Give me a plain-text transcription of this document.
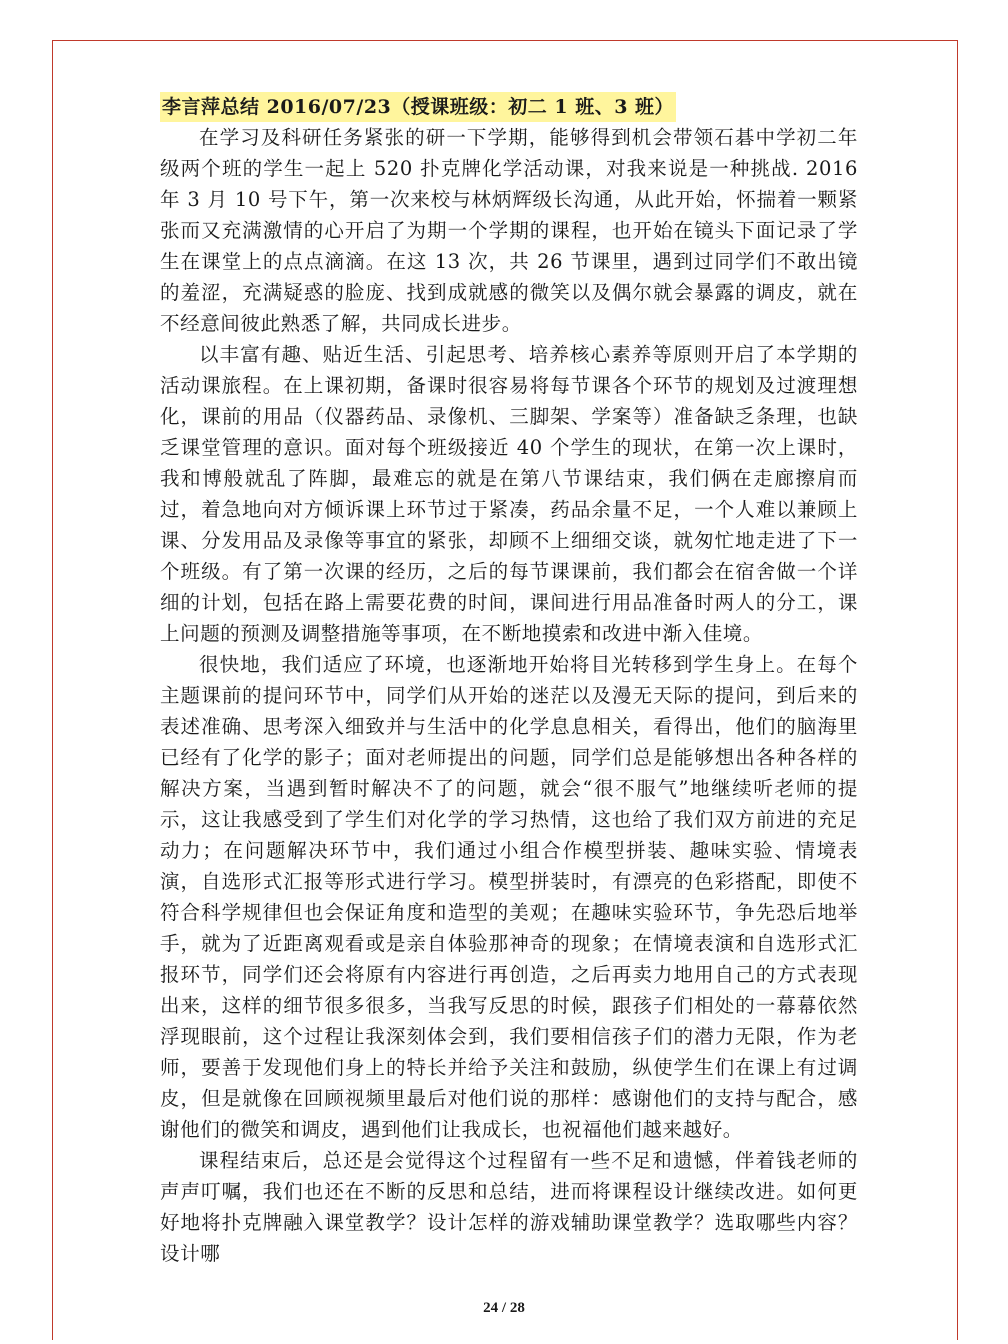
李言萍总结 2016/07/23（授课班级：初二 1 班、3 班）

在学习及科研任务紧张的研一下学期，能够得到机会带领石碁中学初二年级两个班的学生一起上 520 扑克牌化学活动课，对我来说是一种挑战. 2016 年 3 月 10 号下午，第一次来校与林炳辉级长沟通，从此开始，怀揣着一颗紧张而又充满激情的心开启了为期一个学期的课程，也开始在镜头下面记录了学生在课堂上的点点滴滴。在这 13 次，共 26 节课里，遇到过同学们不敢出镜的羞涩，充满疑惑的脸庞、找到成就感的微笑以及偶尔就会暴露的调皮，就在不经意间彼此熟悉了解，共同成长进步。

以丰富有趣、贴近生活、引起思考、培养核心素养等原则开启了本学期的活动课旅程。在上课初期，备课时很容易将每节课各个环节的规划及过渡理想化，课前的用品（仪器药品、录像机、三脚架、学案等）准备缺乏条理，也缺乏课堂管理的意识。面对每个班级接近 40 个学生的现状，在第一次上课时，我和博般就乱了阵脚，最难忘的就是在第八节课结束，我们俩在走廊擦肩而过，着急地向对方倾诉课上环节过于紧凑，药品余量不足，一个人难以兼顾上课、分发用品及录像等事宜的紧张，却顾不上细细交谈，就匆忙地走进了下一个班级。有了第一次课的经历，之后的每节课课前，我们都会在宿舍做一个详细的计划，包括在路上需要花费的时间，课间进行用品准备时两人的分工，课上问题的预测及调整措施等事项，在不断地摸索和改进中渐入佳境。

很快地，我们适应了环境，也逐渐地开始将目光转移到学生身上。在每个主题课前的提问环节中，同学们从开始的迷茫以及漫无天际的提问，到后来的表述准确、思考深入细致并与生活中的化学息息相关，看得出，他们的脑海里已经有了化学的影子；面对老师提出的问题，同学们总是能够想出各种各样的解决方案，当遇到暂时解决不了的问题，就会“很不服气”地继续听老师的提示，这让我感受到了学生们对化学的学习热情，这也给了我们双方前进的充足动力；在问题解决环节中，我们通过小组合作模型拼装、趣味实验、情境表演，自选形式汇报等形式进行学习。模型拼装时，有漂亮的色彩搭配，即使不符合科学规律但也会保证角度和造型的美观；在趣味实验环节，争先恐后地举手，就为了近距离观看或是亲自体验那神奇的现象；在情境表演和自选形式汇报环节，同学们还会将原有内容进行再创造，之后再卖力地用自己的方式表现出来，这样的细节很多很多，当我写反思的时候，跟孩子们相处的一幕幕依然浮现眼前，这个过程让我深刻体会到，我们要相信孩子们的潜力无限，作为老师，要善于发现他们身上的特长并给予关注和鼓励，纵使学生们在课上有过调皮，但是就像在回顾视频里最后对他们说的那样：感谢他们的支持与配合，感谢他们的微笑和调皮，遇到他们让我成长，也祝福他们越来越好。

课程结束后，总还是会觉得这个过程留有一些不足和遗憾，伴着钱老师的声声叮嘱，我们也还在不断的反思和总结，进而将课程设计继续改进。如何更好地将扑克牌融入课堂教学？设计怎样的游戏辅助课堂教学？选取哪些内容？设计哪

24 / 28
